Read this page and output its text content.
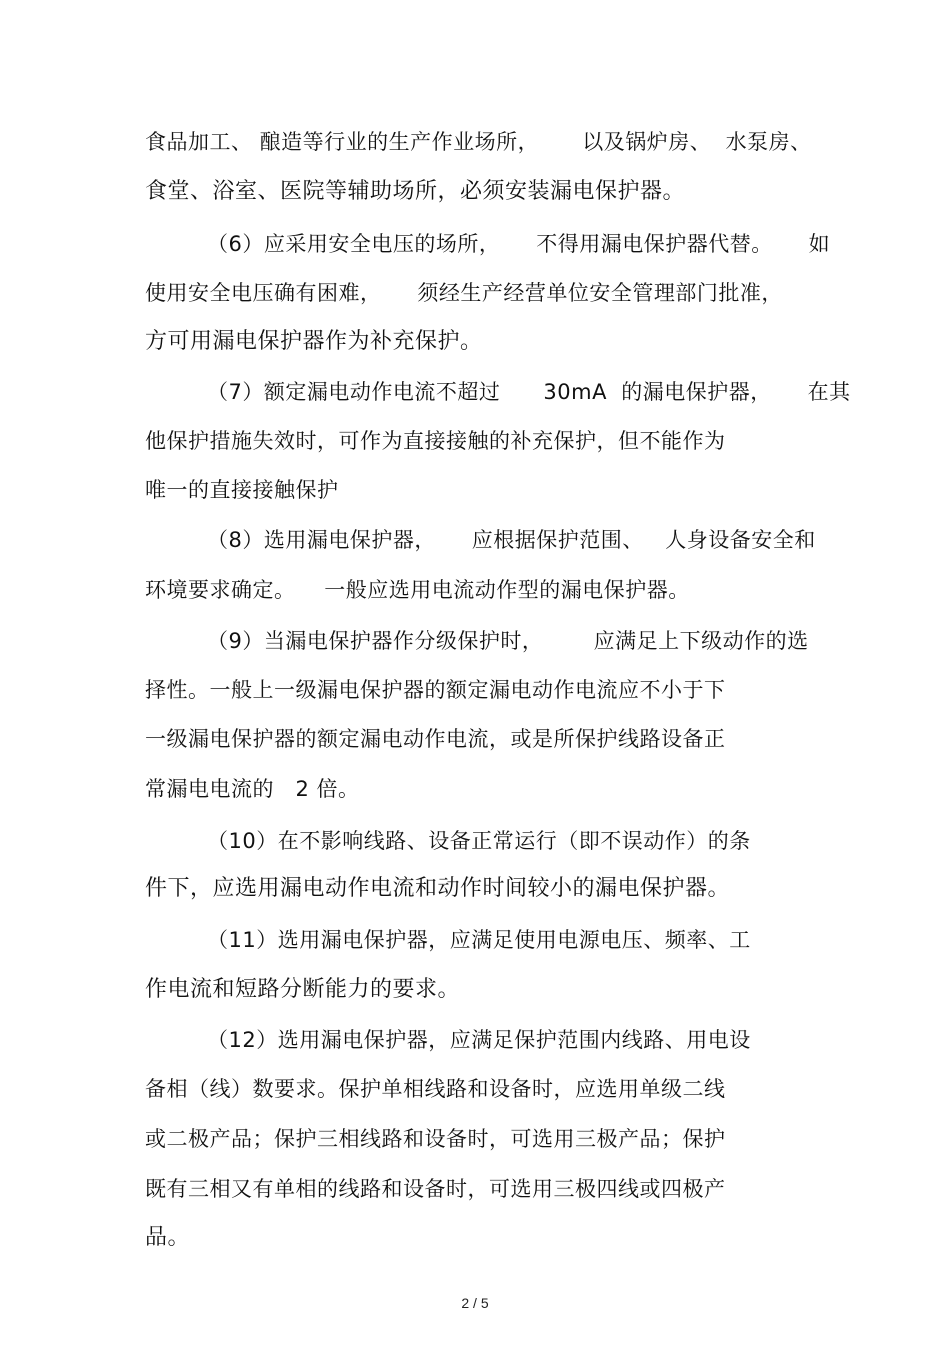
食品加工、 酿造等行业的生产作业场所，      以及锅炉房、  水泵房、
食堂、浴室、医院等辅助场所，必须安装漏电保护器。
（6）应采用安全电压的场所，     不得用漏电保护器代替。     如
使用安全电压确有困难，     须经生产经营单位安全管理部门批准，
方可用漏电保护器作为补充保护。
（7）额定漏电动作电流不超过      30mA  的漏电保护器，     在其
他保护措施失效时，可作为直接接触的补充保护，但不能作为
唯一的直接接触保护
（8）选用漏电保护器，     应根据保护范围、   人身设备安全和
环境要求确定。    一般应选用电流动作型的漏电保护器。
（9）当漏电保护器作分级保护时，       应满足上下级动作的选
择性。一般上一级漏电保护器的额定漏电动作电流应不小于下
一级漏电保护器的额定漏电动作电流，或是所保护线路设备正
常漏电电流的   2 倍。
（10）在不影响线路、设备正常运行（即不误动作）的条
件下，应选用漏电动作电流和动作时间较小的漏电保护器。
（11）选用漏电保护器，应满足使用电源电压、频率、工
作电流和短路分断能力的要求。
（12）选用漏电保护器，应满足保护范围内线路、用电设
备相（线）数要求。保护单相线路和设备时，应选用单级二线
或二极产品；保护三相线路和设备时，可选用三极产品；保护
既有三相又有单相的线路和设备时，可选用三极四线或四极产
品。
2 / 5
